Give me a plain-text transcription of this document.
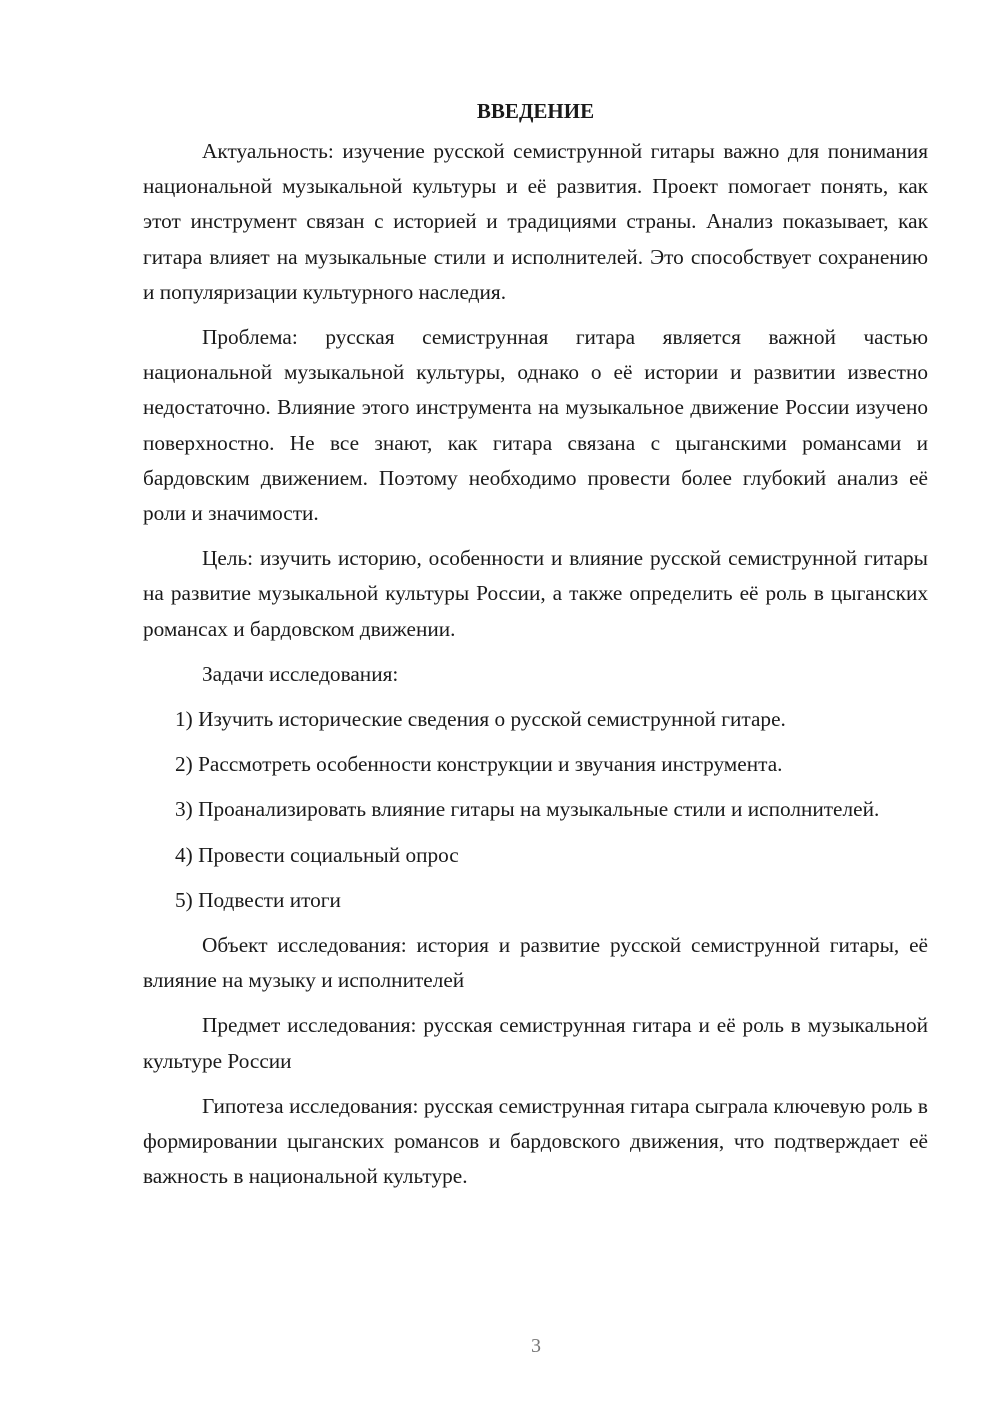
ВВЕДЕНИЕ

Актуальность: изучение русской семиструнной гитары важно для понимания национальной музыкальной культуры и её развития. Проект помогает понять, как этот инструмент связан с историей и традициями страны. Анализ показывает, как гитара влияет на музыкальные стили и исполнителей. Это способствует сохранению и популяризации культурного наследия.

Проблема: русская семиструнная гитара является важной частью национальной музыкальной культуры, однако о её истории и развитии известно недостаточно. Влияние этого инструмента на музыкальное движение России изучено поверхностно. Не все знают, как гитара связана с цыганскими романсами и бардовским движением. Поэтому необходимо провести более глубокий анализ её роли и значимости.

Цель: изучить историю, особенности и влияние русской семиструнной гитары на развитие музыкальной культуры России, а также определить её роль в цыганских романсах и бардовском движении.

Задачи исследования:

1) Изучить исторические сведения о русской семиструнной гитаре.

2) Рассмотреть особенности конструкции и звучания инструмента.

3) Проанализировать влияние гитары на музыкальные стили и исполнителей.

4) Провести социальный опрос

5) Подвести итоги

Объект исследования: история и развитие русской семиструнной гитары, её влияние на музыку и исполнителей

Предмет исследования: русская семиструнная гитара и её роль в музыкальной культуре России

Гипотеза исследования: русская семиструнная гитара сыграла ключевую роль в формировании цыганских романсов и бардовского движения, что подтверждает её важность в национальной культуре.

3
